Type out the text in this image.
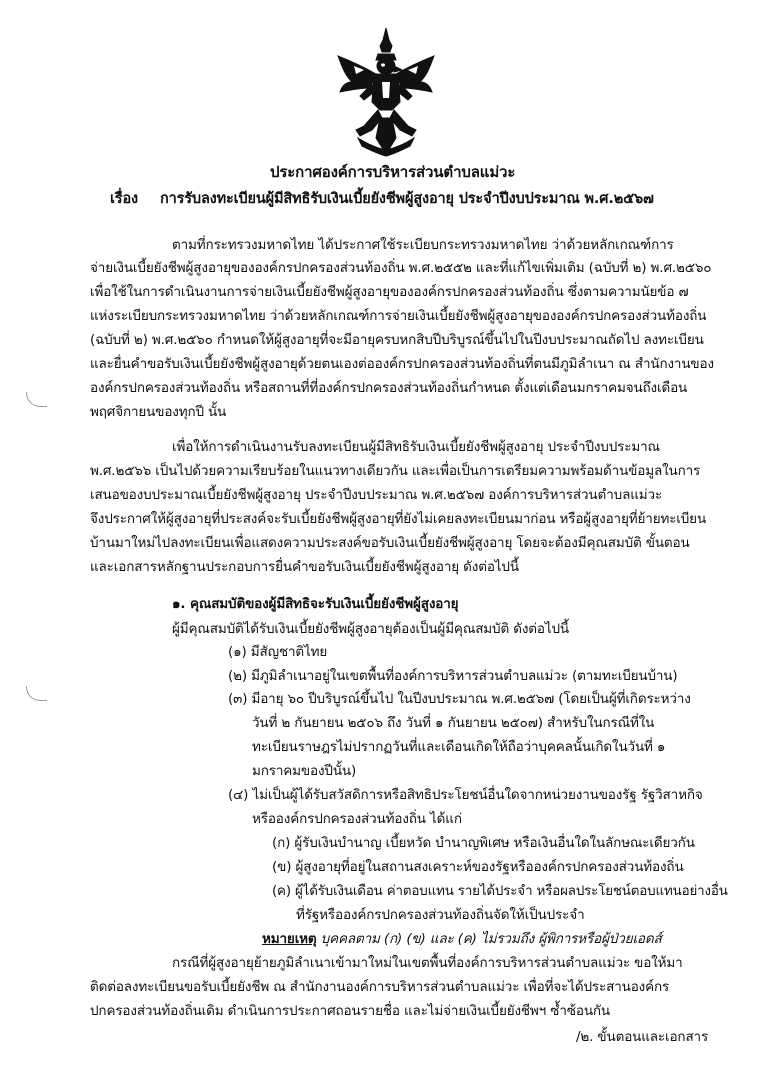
ประกาศองค์การบริหารส่วนตำบลแม่วะ
เรื่อง การรับลงทะเบียนผู้มีสิทธิรับเงินเบี้ยยังชีพผู้สูงอายุ ประจำปีงบประมาณ พ.ศ.๒๕๖๗
ตามที่กระทรวงมหาดไทย ได้ประกาศใช้ระเบียบกระทรวงมหาดไทย ว่าด้วยหลักเกณฑ์การ
จ่ายเงินเบี้ยยังชีพผู้สูงอายุขององค์กรปกครองส่วนท้องถิ่น พ.ศ.๒๕๕๒ และที่แก้ไขเพิ่มเติม (ฉบับที่ ๒) พ.ศ.๒๕๖๐
เพื่อใช้ในการดำเนินงานการจ่ายเงินเบี้ยยังชีพผู้สูงอายุขององค์กรปกครองส่วนท้องถิ่น ซึ่งตามความนัยข้อ ๗
แห่งระเบียบกระทรวงมหาดไทย ว่าด้วยหลักเกณฑ์การจ่ายเงินเบี้ยยังชีพผู้สูงอายุขององค์กรปกครองส่วนท้องถิ่น
(ฉบับที่ ๒) พ.ศ.๒๕๖๐ กำหนดให้ผู้สูงอายุที่จะมีอายุครบหกสิบปีบริบูรณ์ขึ้นไปในปีงบประมาณถัดไป ลงทะเบียน
และยื่นคำขอรับเงินเบี้ยยังชีพผู้สูงอายุด้วยตนเองต่อองค์กรปกครองส่วนท้องถิ่นที่ตนมีภูมิลำเนา ณ สำนักงานของ
องค์กรปกครองส่วนท้องถิ่น หรือสถานที่ที่องค์กรปกครองส่วนท้องถิ่นกำหนด ตั้งแต่เดือนมกราคมจนถึงเดือน
พฤศจิกายนของทุกปี นั้น
เพื่อให้การดำเนินงานรับลงทะเบียนผู้มีสิทธิรับเงินเบี้ยยังชีพผู้สูงอายุ ประจำปีงบประมาณ
พ.ศ.๒๕๖๖ เป็นไปด้วยความเรียบร้อยในแนวทางเดียวกัน และเพื่อเป็นการเตรียมความพร้อมด้านข้อมูลในการ
เสนอของบประมาณเบี้ยยังชีพผู้สูงอายุ ประจำปีงบประมาณ พ.ศ.๒๕๖๗ องค์การบริหารส่วนตำบลแม่วะ
จึงประกาศให้ผู้สูงอายุที่ประสงค์จะรับเบี้ยยังชีพผู้สูงอายุที่ยังไม่เคยลงทะเบียนมาก่อน หรือผู้สูงอายุที่ย้ายทะเบียน
บ้านมาใหม่ไปลงทะเบียนเพื่อแสดงความประสงค์ขอรับเงินเบี้ยยังชีพผู้สูงอายุ โดยจะต้องมีคุณสมบัติ ขั้นตอน
และเอกสารหลักฐานประกอบการยื่นคำขอรับเงินเบี้ยยังชีพผู้สูงอายุ ดังต่อไปนี้
๑. คุณสมบัติของผู้มีสิทธิจะรับเงินเบี้ยยังชีพผู้สูงอายุ
ผู้มีคุณสมบัติได้รับเงินเบี้ยยังชีพผู้สูงอายุต้องเป็นผู้มีคุณสมบัติ ดังต่อไปนี้
(๑) มีสัญชาติไทย
(๒) มีภูมิลำเนาอยู่ในเขตพื้นที่องค์การบริหารส่วนตำบลแม่วะ (ตามทะเบียนบ้าน)
(๓) มีอายุ ๖๐ ปีบริบูรณ์ขึ้นไป ในปีงบประมาณ พ.ศ.๒๕๖๗ (โดยเป็นผู้ที่เกิดระหว่าง
วันที่ ๒ กันยายน ๒๕๐๖ ถึง วันที่ ๑ กันยายน ๒๕๐๗) สำหรับในกรณีที่ใน
ทะเบียนราษฎรไม่ปรากฏวันที่และเดือนเกิดให้ถือว่าบุคคลนั้นเกิดในวันที่ ๑
มกราคมของปีนั้น)
(๔) ไม่เป็นผู้ได้รับสวัสดิการหรือสิทธิประโยชน์อื่นใดจากหน่วยงานของรัฐ รัฐวิสาหกิจ
หรือองค์กรปกครองส่วนท้องถิ่น ได้แก่
(ก) ผู้รับเงินบำนาญ เบี้ยหวัด บำนาญพิเศษ หรือเงินอื่นใดในลักษณะเดียวกัน
(ข) ผู้สูงอายุที่อยู่ในสถานสงเคราะห์ของรัฐหรือองค์กรปกครองส่วนท้องถิ่น
(ค) ผู้ได้รับเงินเดือน ค่าตอบแทน รายได้ประจำ หรือผลประโยชน์ตอบแทนอย่างอื่น
ที่รัฐหรือองค์กรปกครองส่วนท้องถิ่นจัดให้เป็นประจำ
หมายเหตุ บุคคลตาม (ก) (ข) และ (ค) ไม่รวมถึง ผู้พิการหรือผู้ป่วยเอดส์
กรณีที่ผู้สูงอายุย้ายภูมิลำเนาเข้ามาใหม่ในเขตพื้นที่องค์การบริหารส่วนตำบลแม่วะ ขอให้มา
ติดต่อลงทะเบียนขอรับเบี้ยยังชีพ ณ สำนักงานองค์การบริหารส่วนตำบลแม่วะ เพื่อที่จะได้ประสานองค์กร
ปกครองส่วนท้องถิ่นเดิม ดำเนินการประกาศถอนรายชื่อ และไม่จ่ายเงินเบี้ยยังชีพฯ ซ้ำซ้อนกัน
/๒. ขั้นตอนและเอกสาร
